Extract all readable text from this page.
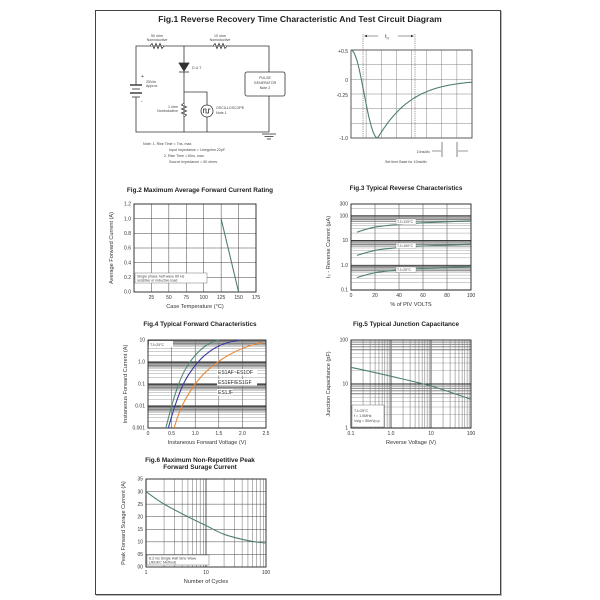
Fig.1 Reverse Recovery Time Characteristic And Test Circuit Diagram
50 ohm
Noninductive
10 ohm
Noninductive
1 ohm
Noninductive
D.U.T
25Vdc
Approx
+
-
PULSE
GENERATOR
Note 2
OSCILLOSCOPE
Note 1
Note: 1. Rise Time = 7ns, max.
Input Impedance = 1megohm.22pF.
2. Rise Time =10ns, max.
Source Impedance = 50 ohms.
+0.5
0
-0.25
-1.0
$t_{rr}$
10ns/div
Set time Base for 10ns/div
Fig.2 Maximum Average Forward Current Rating
25 50 75 100 125 150 175
0.0
0.2
0.4
0.6
0.8
1.0
1.2
Case Temperature (°C)
Average Forward Current (A)
Fig.3 Typical Reverse Characteristics
0	20	40	60	80	100
0.1
1.0
10
100
300
% of PIV VOLTS
I₀ - Reverse Current (µA)
Fig.4 Typical Forward Characteristics
0	0.5	1.0	1.5	2.0	2.5
0.001
0.01
0.1
1.0
10
Instaneous Forward Voltage (V)
Instaneous Forward Current (A)
Fig.5 Typical Junction Capacitance
0.1	1.0	10	100
1
10
100
Reverse Voltage (V)
Junction Capacitance (pF)
Fig.6 Maximum Non-Repetitive Peak
Forward Surage Current
1	10	100
00
05
10
15
20
25
30
35
Number of Cycles
Peak Forward Surage Current (A)
Single phase half wave 60 Hz
resistive or inductive load
TJ=125°C
TJ=100°C
TJ=25°C
TJ=25°C
ES1AF~ES1DF
ES1EF/ES1GF
ES1JF
TJ=25°C
f = 1.0MHz
Vsig = 50mVp-p
8.3 ms Single Half Sine Wave
(JEDEC Method)
